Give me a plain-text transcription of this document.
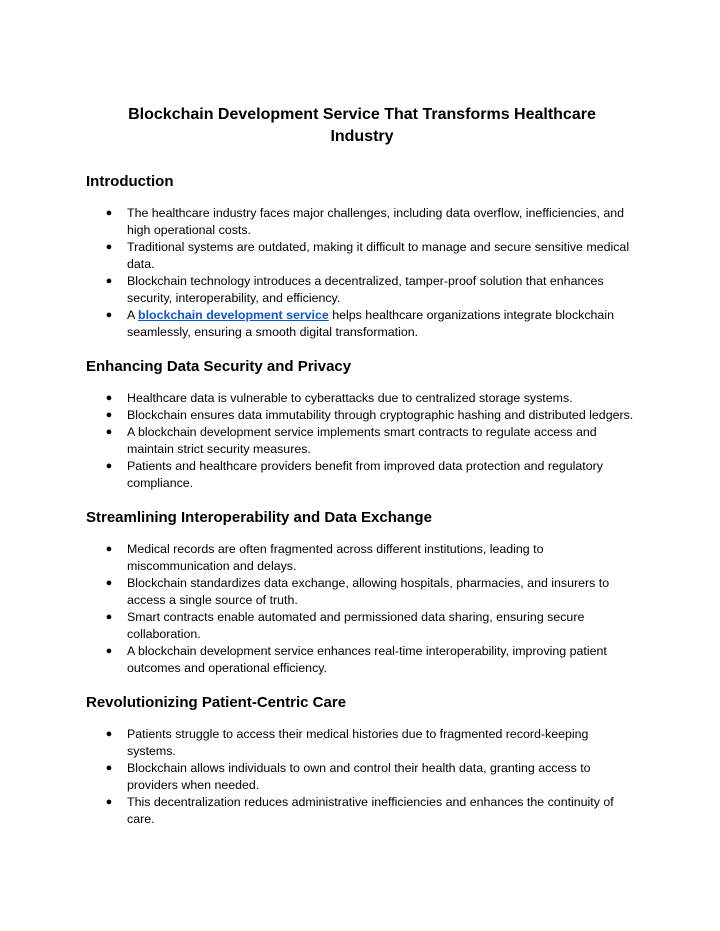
Blockchain Development Service That Transforms Healthcare Industry
Introduction
● The healthcare industry faces major challenges, including data overflow, inefficiencies, and high operational costs.
● Traditional systems are outdated, making it difficult to manage and secure sensitive medical data.
● Blockchain technology introduces a decentralized, tamper-proof solution that enhances security, interoperability, and efficiency.
● A blockchain development service helps healthcare organizations integrate blockchain seamlessly, ensuring a smooth digital transformation.
Enhancing Data Security and Privacy
● Healthcare data is vulnerable to cyberattacks due to centralized storage systems.
● Blockchain ensures data immutability through cryptographic hashing and distributed ledgers.
● A blockchain development service implements smart contracts to regulate access and maintain strict security measures.
● Patients and healthcare providers benefit from improved data protection and regulatory compliance.
Streamlining Interoperability and Data Exchange
● Medical records are often fragmented across different institutions, leading to miscommunication and delays.
● Blockchain standardizes data exchange, allowing hospitals, pharmacies, and insurers to access a single source of truth.
● Smart contracts enable automated and permissioned data sharing, ensuring secure collaboration.
● A blockchain development service enhances real-time interoperability, improving patient outcomes and operational efficiency.
Revolutionizing Patient-Centric Care
● Patients struggle to access their medical histories due to fragmented record-keeping systems.
● Blockchain allows individuals to own and control their health data, granting access to providers when needed.
● This decentralization reduces administrative inefficiencies and enhances the continuity of care.
